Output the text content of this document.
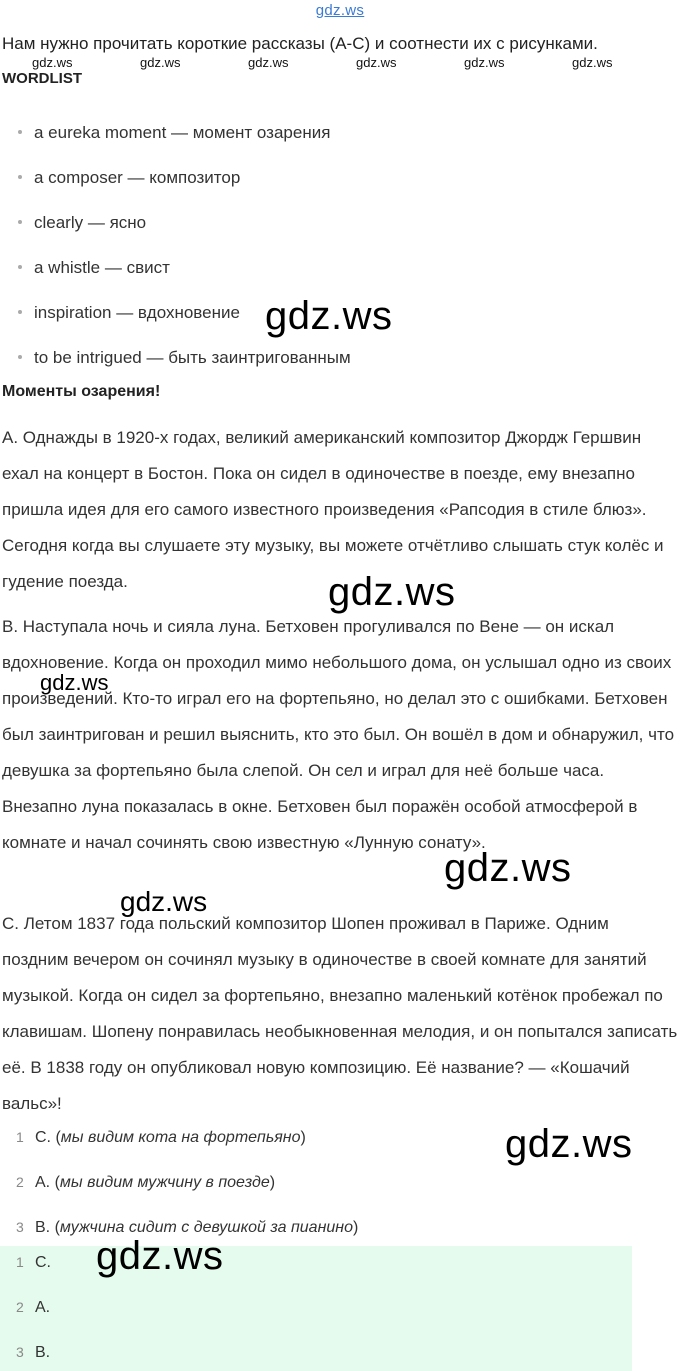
gdz.ws
Нам нужно прочитать короткие рассказы (A-C) и соотнести их с рисунками.
gdz.ws	gdz.ws	gdz.ws	gdz.ws	gdz.ws	gdz.ws
WORDLIST
a eureka moment — момент озарения
a composer — композитор
clearly — ясно
a whistle — свист
inspiration — вдохновение
to be intrigued — быть заинтригованным
Моменты озарения!
A. Однажды в 1920-х годах, великий американский композитор Джордж Гершвин ехал на концерт в Бостон. Пока он сидел в одиночестве в поезде, ему внезапно пришла идея для его самого известного произведения «Рапсодия в стиле блюз». Сегодня когда вы слушаете эту музыку, вы можете отчётливо слышать стук колёс и гудение поезда.
B. Наступала ночь и сияла луна. Бетховен прогуливался по Вене — он искал вдохновение. Когда он проходил мимо небольшого дома, он услышал одно из своих произведений. Кто-то играл его на фортепьяно, но делал это с ошибками. Бетховен был заинтригован и решил выяснить, кто это был. Он вошёл в дом и обнаружил, что девушка за фортепьяно была слепой. Он сел и играл для неё больше часа. Внезапно луна показалась в окне. Бетховен был поражён особой атмосферой в комнате и начал сочинять свою известную «Лунную сонату».
C. Летом 1837 года польский композитор Шопен проживал в Париже. Одним поздним вечером он сочинял музыку в одиночестве в своей комнате для занятий музыкой. Когда он сидел за фортепьяно, внезапно маленький котёнок пробежал по клавишам. Шопену понравилась необыкновенная мелодия, и он попытался записать её. В 1838 году он опубликовал новую композицию. Её название? — «Кошачий вальс»!
1 C. (мы видим кота на фортепьяно)
2 A. (мы видим мужчину в поезде)
3 B. (мужчина сидит с девушкой за пианино)
1 C.
2 A.
3 B.
gdz.ws
gdz.ws
gdz.ws
gdz.ws
gdz.ws
gdz.ws
gdz.ws
